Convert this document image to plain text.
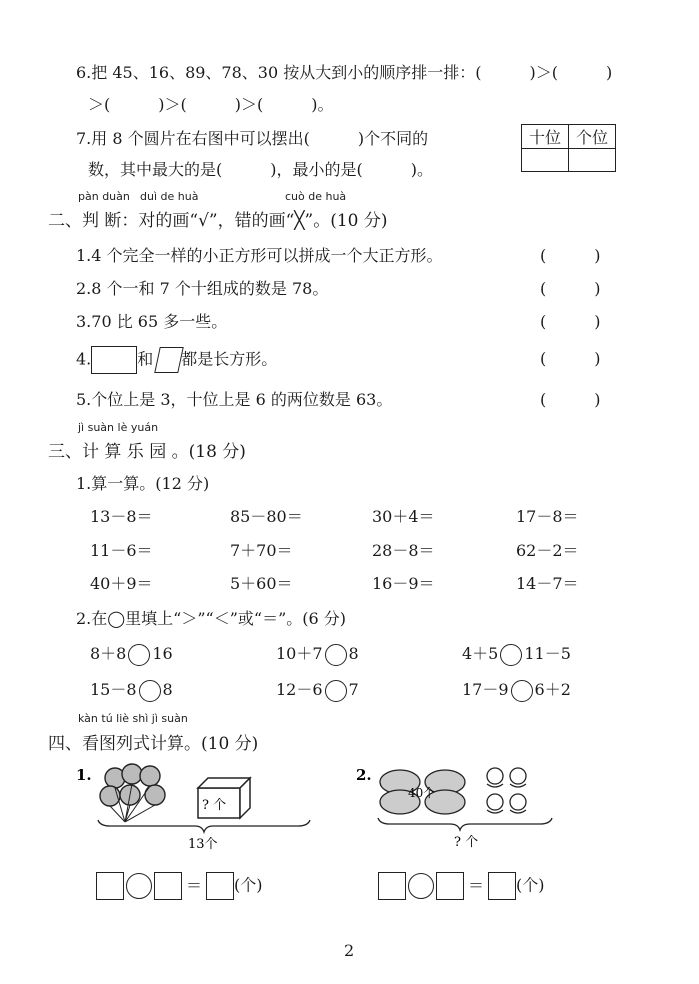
6.把 45、16、89、78、30 按从大到小的顺序排一排：(　　　)＞(　　　)
＞(　　　)＞(　　　)＞(　　　)。
7.用 8 个圆片在右图中可以摆出(　　　)个不同的
数，其中最大的是(　　　)，最小的是(　　　)。
十位	个位

pàn duàn duì de huà	cuò de huà
二、判 断：对的画“√”，错的画“╳”。(10 分)
1.4 个完全一样的小正方形可以拼成一个大正方形。	(　　　)
2.8 个一和 7 个十组成的数是 78。	(　　　)
3.70 比 65 多一些。	(　　　)
4.	和 都是长方形。	(　　　)
5.个位上是 3，十位上是 6 的两位数是 63。	(　　　)
jì suàn lè yuán
三、计 算 乐 园 。(18 分)
1.算一算。(12 分)
13－8＝	85－80＝	30＋4＝	17－8＝
11－6＝	7＋70＝	28－8＝	62－2＝
40＋9＝	5＋60＝	16－9＝	14－7＝
2.在◯里填上“＞”“＜”或“＝”。(6 分)
8＋8 16	10＋7 8	4＋5 11－5
15－8 8	12－6 7	17－9 6＋2
kàn tú liè shì jì suàn
四、看图列式计算。(10 分)
1.
? 个
13个
＝ (个)
2.
40个
? 个
＝ (个)
2
